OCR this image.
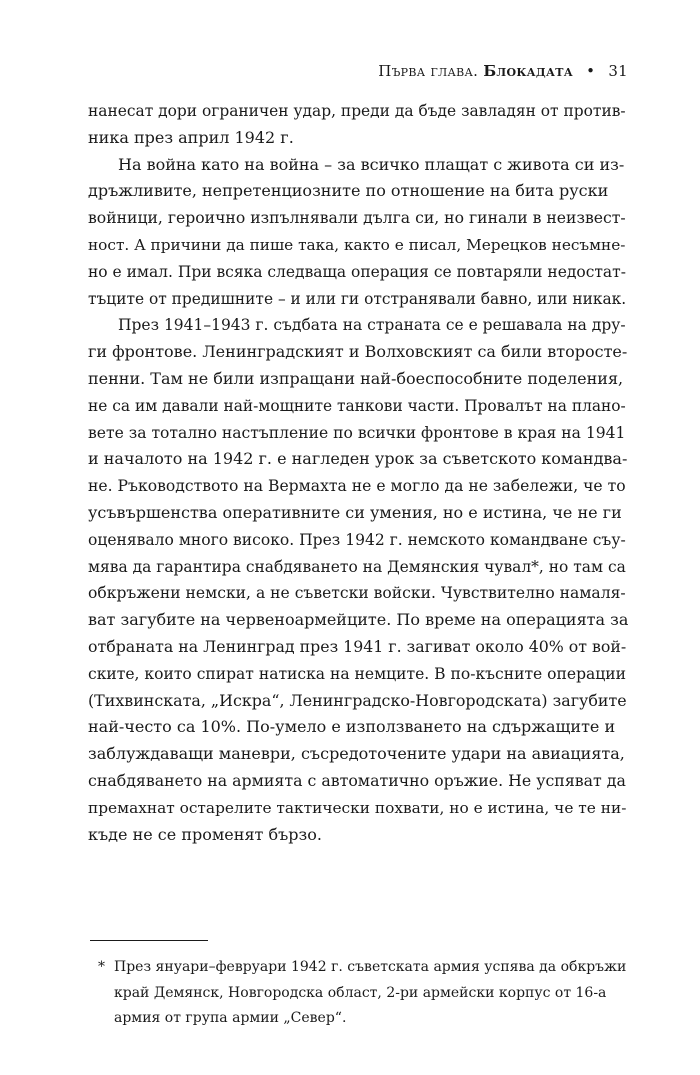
Първа глава. Блокадата • 31
нанесат дори ограничен удар, преди да бъде завладян от против-
ника през април 1942 г.
На война като на война – за всичко плащат с живота си из-
дръжливите, непретенциозните по отношение на бита руски
войници, героично изпълнявали дълга си, но гинали в неизвест-
ност. А причини да пише така, както е писал, Мерецков несъмне-
но е имал. При всяка следваща операция се повтаряли недостат-
тъците от предишните – и или ги отстранявали бавно, или никак.
През 1941–1943 г. съдбата на страната се е решавала на дру-
ги фронтове. Ленинградският и Волховският са били второсте-
пенни. Там не били изпращани най-боеспособните поделения,
не са им давали най-мощните танкови части. Провалът на плано-
вете за тотално настъпление по всички фронтове в края на 1941
и началото на 1942 г. е нагледен урок за съветското командва-
не. Ръководството на Вермахта не е могло да не забележи, че то
усъвършенства оперативните си умения, но е истина, че не ги
оценявало много високо. През 1942 г. немското командване съу-
мява да гарантира снабдяването на Демянския чувал*, но там са
обкръжени немски, а не съветски войски. Чувствително намаля-
ват загубите на червеноармейците. По време на операцията за
отбраната на Ленинград през 1941 г. загиват около 40% от вой-
ските, които спират натиска на немците. В по-късните операции
(Тихвинската, „Искра“, Ленинградско-Новгородската) загубите
най-често са 10%. По-умело е използването на сдържащите и
заблуждаващи маневри, съсредоточените удари на авиацията,
снабдяването на армията с автоматично оръжие. Не успяват да
премахнат остарелите тактически похвати, но е истина, че те ни-
къде не се променят бързо.
* През януари–февруари 1942 г. съветската армия успява да обкръжи
край Демянск, Новгородска област, 2-ри армейски корпус от 16-а
армия от група армии „Север“.
